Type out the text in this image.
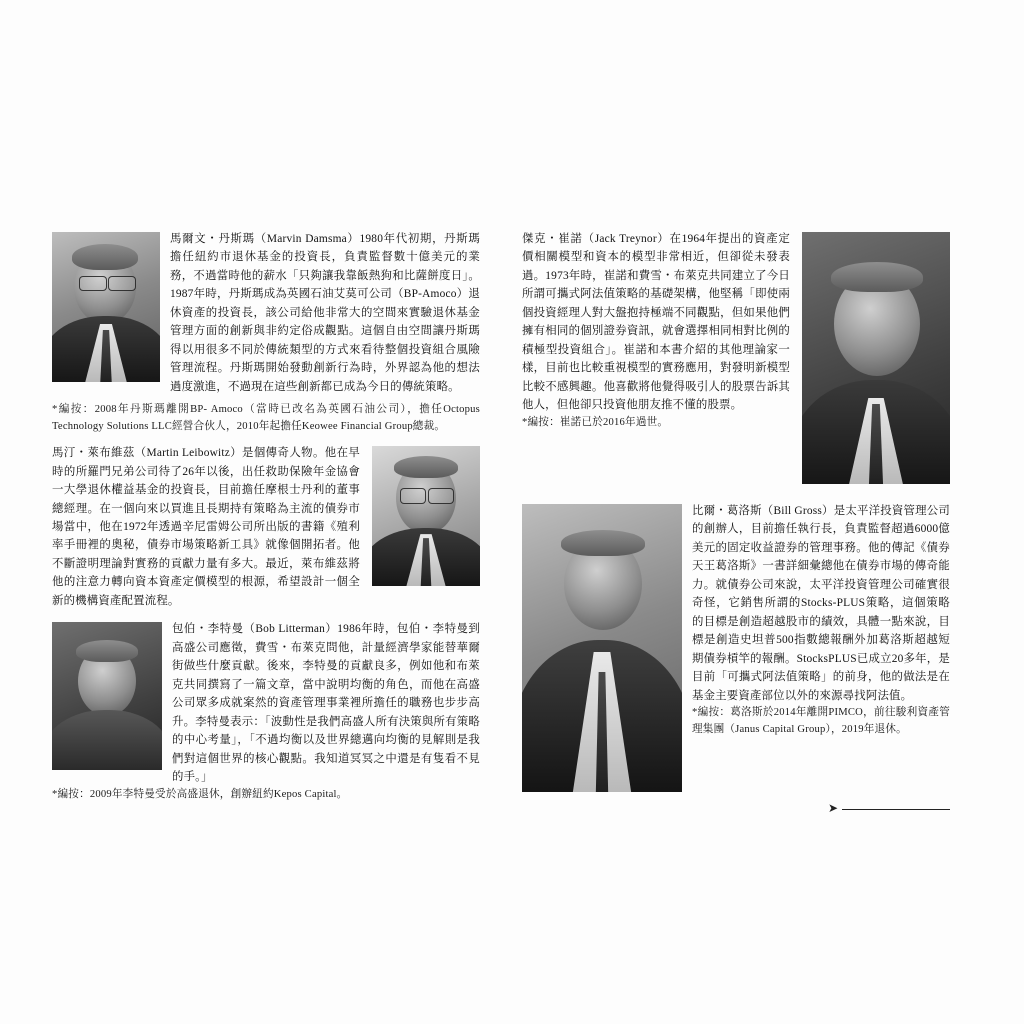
馬爾文・丹斯瑪（Marvin Damsma）1980年代初期，丹斯瑪擔任紐約市退休基金的投資長，負責監督數十億美元的業務，不過當時他的薪水「只夠讓我靠飯熱狗和比薩餅度日」。1987年時，丹斯瑪成為英國石油艾莫可公司（BP-Amoco）退休資產的投資長，該公司給他非常大的空間來實驗退休基金管理方面的創新與非約定俗成觀點。這個自由空間讓丹斯瑪得以用很多不同於傳統類型的方式來看待整個投資組合風險管理流程。丹斯瑪開始發動創新行為時，外界認為他的想法過度激進，不過現在這些創新都已成為今日的傳統策略。
*編按：2008年丹斯瑪離開BP- Amoco（當時已改名為英國石油公司），擔任Octopus Technology Solutions LLC經營合伙人，2010年起擔任Keowee Financial Group總裁。
馬汀・萊布維茲（Martin Leibowitz）是個傳奇人物。他在早時的所羅門兄弟公司待了26年以後，出任救助保險年金協會一大學退休權益基金的投資長，目前擔任摩根士丹利的董事總經理。在一個向來以買進且長期持有策略為主流的債券市場當中，他在1972年透過辛尼雷姆公司所出版的書籍《殖利率手冊裡的奧秘，債券市場策略新工具》就像個開拓者。他不斷證明理論對實務的貢獻力量有多大。最近，萊布維茲將他的注意力轉向資本資產定價模型的根源，希望設計一個全新的機構資產配置流程。
包伯・李特曼（Bob Litterman）1986年時，包伯・李特曼到高盛公司應徵，費雪・布萊克問他，計量經濟學家能替華爾街做些什麼貢獻。後來，李特曼的貢獻良多，例如他和布萊克共同撰寫了一篇文章，當中說明均衡的角色，而他在高盛公司眾多成就案然的資產管理事業裡所擔任的職務也步步高升。李特曼表示：「波動性是我們高盛人所有決策與所有策略的中心考量」，「不過均衡以及世界總邁向均衡的見解則是我們對這個世界的核心觀點。我知道冥冥之中還是有隻看不見的手。」
*編按：2009年李特曼受於高盛退休，創辦紐約Kepos Capital。
傑克・崔諾（Jack Treynor）在1964年提出的資產定價相關模型和資本的模型非常相近，但卻從未發表過。1973年時，崔諾和費雪・布萊克共同建立了今日所謂可攜式阿法值策略的基礎架構，他堅稱「即使兩個投資經理人對大盤抱持極端不同觀點，但如果他們擁有相同的個別證券資訊，就會選擇相同相對比例的積極型投資組合」。崔諾和本書介紹的其他理論家一樣，目前也比較重視模型的實務應用，對發明新模型比較不感興趣。他喜歡將他覺得吸引人的股票告訴其他人，但他卻只投資他朋友推不懂的股票。
*編按：崔諾已於2016年過世。
比爾・葛洛斯（Bill Gross）是太平洋投資管理公司的創辦人，目前擔任執行長，負責監督超過6000億美元的固定收益證券的管理事務。他的傳記《債券天王葛洛斯》一書詳細彙總他在債券市場的傳奇能力。就債券公司來說，太平洋投資管理公司確實很奇怪，它銷售所謂的Stocks-PLUS策略，這個策略的目標是創造超越股市的績效，具體一點來說，目標是創造史坦普500指數總報酬外加葛洛斯超越短期債券槓竿的報酬。StocksPLUS已成立20多年，是目前「可攜式阿法值策略」的前身，他的做法是在基金主要資產部位以外的來源尋找阿法值。
*編按：葛洛斯於2014年離開PIMCO，前往駿利資產管理集團（Janus Capital Group），2019年退休。
➤
